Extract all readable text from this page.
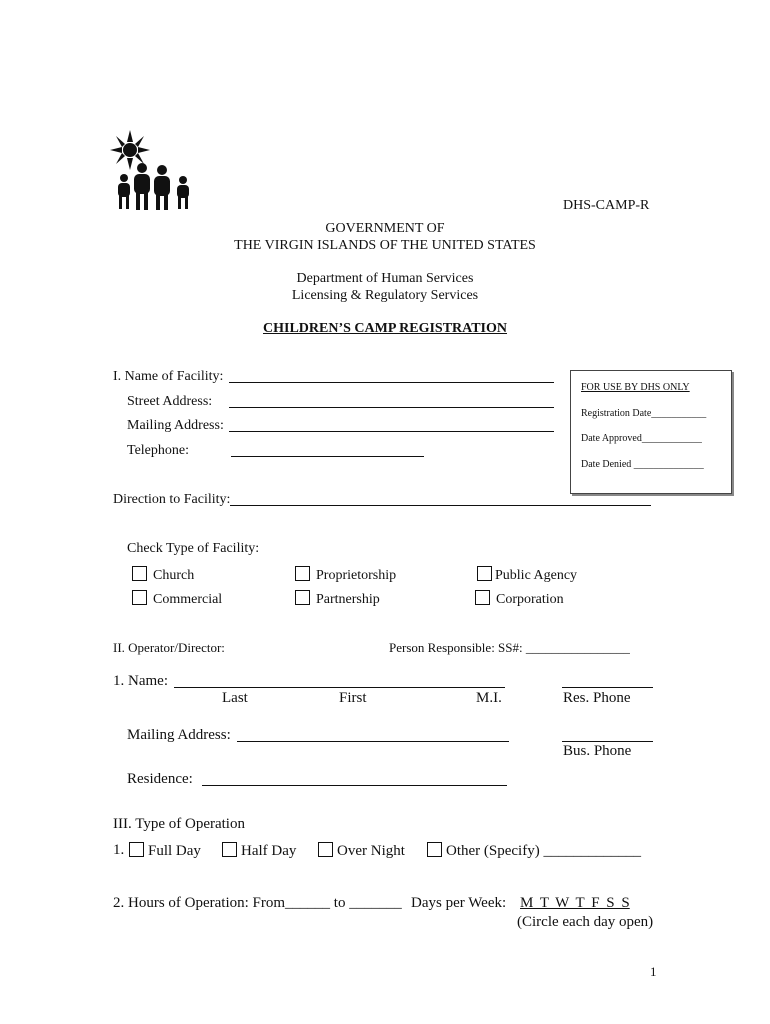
DHS-CAMP-R
GOVERNMENT OF
THE VIRGIN ISLANDS OF THE UNITED STATES
Department of Human Services
Licensing & Regulatory Services
CHILDREN’S CAMP REGISTRATION
I. Name of Facility:
Street Address:
Mailing Address:
Telephone:
FOR USE BY DHS ONLY
Registration Date___________
Date Approved____________
Date Denied ______________
Direction to Facility:
Check Type of Facility:
Church	Proprietorship	Public Agency
Commercial	Partnership	Corporation
II. Operator/Director:	Person Responsible: SS#: ________________
1. Name:
Last	First	M.I.	Res. Phone
Mailing Address:
Bus. Phone
Residence:
III. Type of Operation
1.	Full Day	Half Day	Over Night	Other (Specify) _____________
2. Hours of Operation: From______ to _______ Days per Week: M T W T F S S
(Circle each day open)
1
